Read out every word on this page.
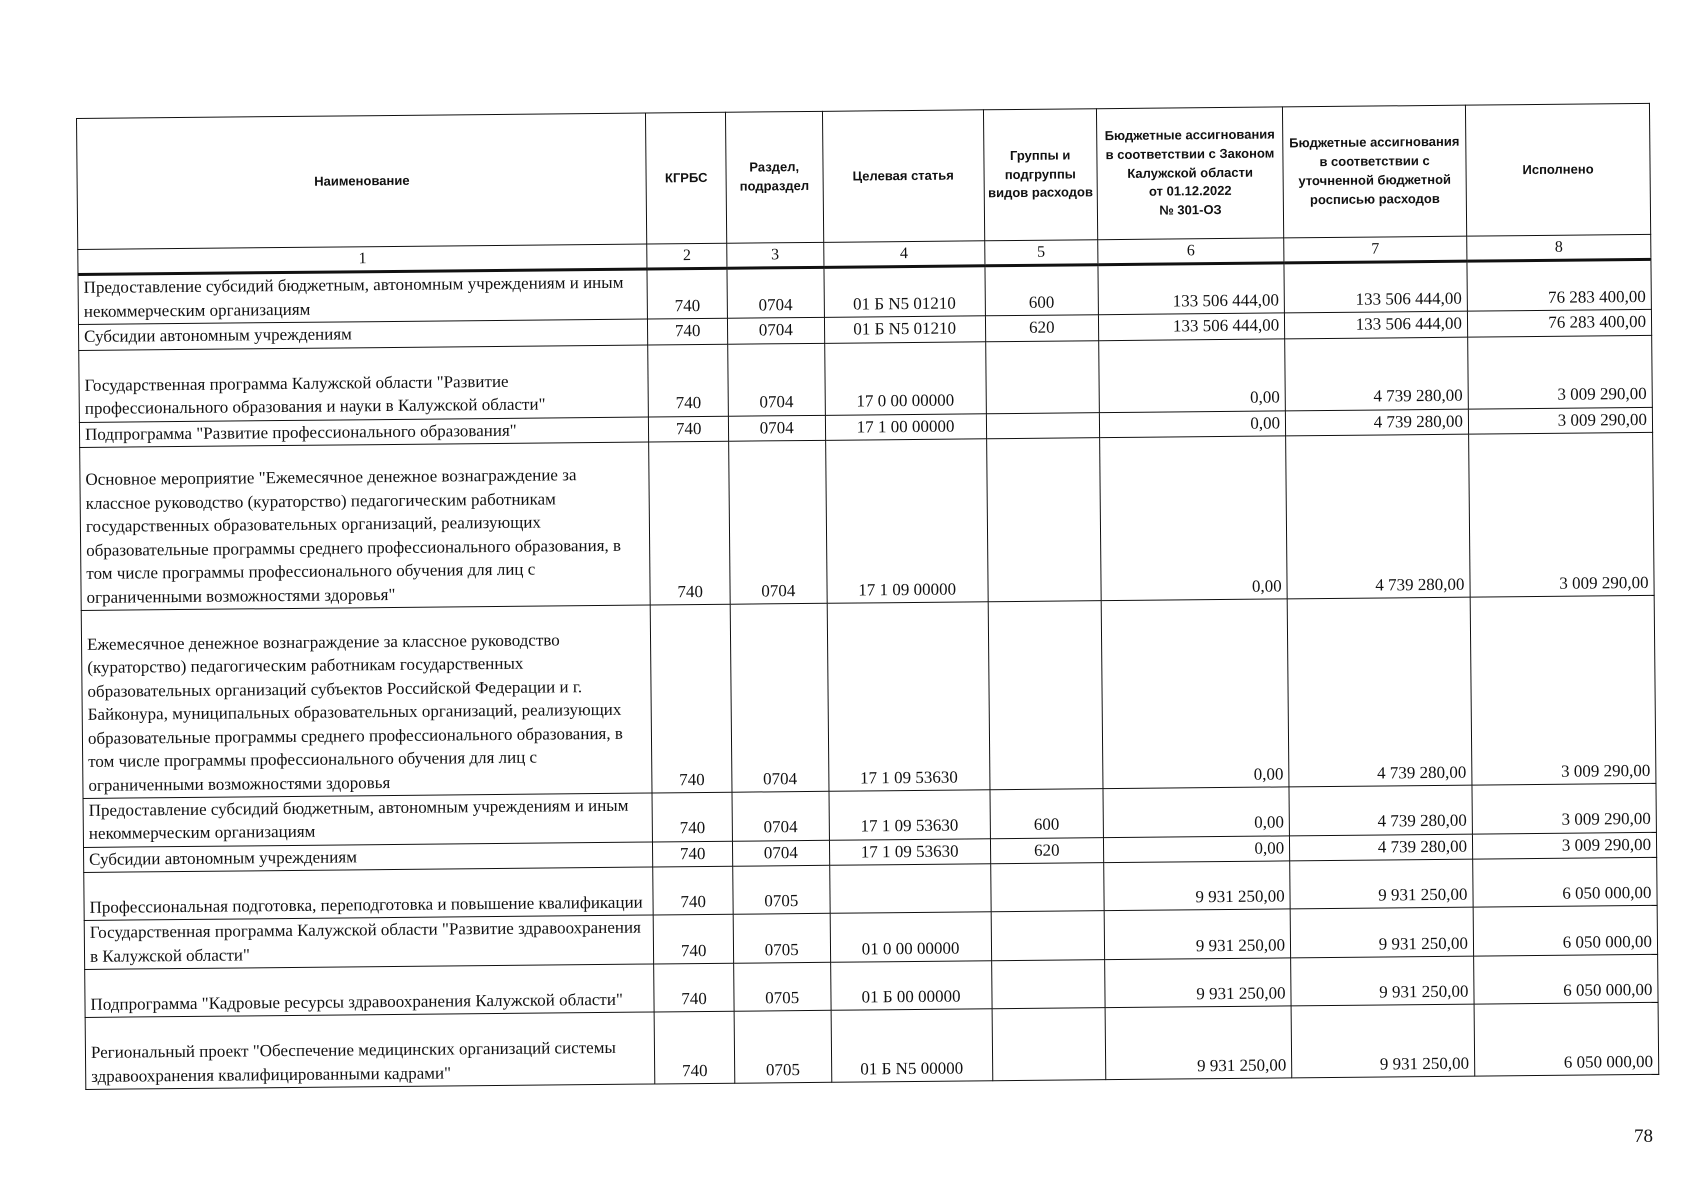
Наименование	КГРБС	Раздел, подраздел	Целевая статья	Группы и подгруппы видов расходов	Бюджетные ассигнования в соответствии с Законом Калужской области
от 01.12.2022
№ 301-ОЗ	Бюджетные ассигнования в соответствии с уточненной бюджетной росписью расходов	Исполнено
1	2	3	4	5	6	7	8
Предоставление субсидий бюджетным, автономным учреждениям и иным некоммерческим организациям	740	0704	01 Б N5 01210	600	133 506 444,00	133 506 444,00	76 283 400,00
Субсидии автономным учреждениям	740	0704	01 Б N5 01210	620	133 506 444,00	133 506 444,00	76 283 400,00
Государственная программа Калужской области "Развитие профессионального образования и науки в Калужской области"	740	0704	17 0 00 00000		0,00	4 739 280,00	3 009 290,00
Подпрограмма "Развитие профессионального образования"	740	0704	17 1 00 00000		0,00	4 739 280,00	3 009 290,00
Основное мероприятие "Ежемесячное денежное вознаграждение за классное руководство (кураторство) педагогическим работникам государственных образовательных организаций, реализующих образовательные программы среднего профессионального образования, в том числе программы профессионального обучения для лиц с ограниченными возможностями здоровья"	740	0704	17 1 09 00000		0,00	4 739 280,00	3 009 290,00
Ежемесячное денежное вознаграждение за классное руководство (кураторство) педагогическим работникам государственных образовательных организаций субъектов Российской Федерации и г. Байконура, муниципальных образовательных организаций, реализующих образовательные программы среднего профессионального образования, в том числе программы профессионального обучения для лиц с ограниченными возможностями здоровья	740	0704	17 1 09 53630		0,00	4 739 280,00	3 009 290,00
Предоставление субсидий бюджетным, автономным учреждениям и иным некоммерческим организациям	740	0704	17 1 09 53630	600	0,00	4 739 280,00	3 009 290,00
Субсидии автономным учреждениям	740	0704	17 1 09 53630	620	0,00	4 739 280,00	3 009 290,00
Профессиональная подготовка, переподготовка и повышение квалификации	740	0705			9 931 250,00	9 931 250,00	6 050 000,00
Государственная программа Калужской области "Развитие здравоохранения в Калужской области"	740	0705	01 0 00 00000		9 931 250,00	9 931 250,00	6 050 000,00
Подпрограмма "Кадровые ресурсы здравоохранения Калужской области"	740	0705	01 Б 00 00000		9 931 250,00	9 931 250,00	6 050 000,00
Региональный проект "Обеспечение медицинских организаций системы здравоохранения квалифицированными кадрами"	740	0705	01 Б N5 00000		9 931 250,00	9 931 250,00	6 050 000,00
78
